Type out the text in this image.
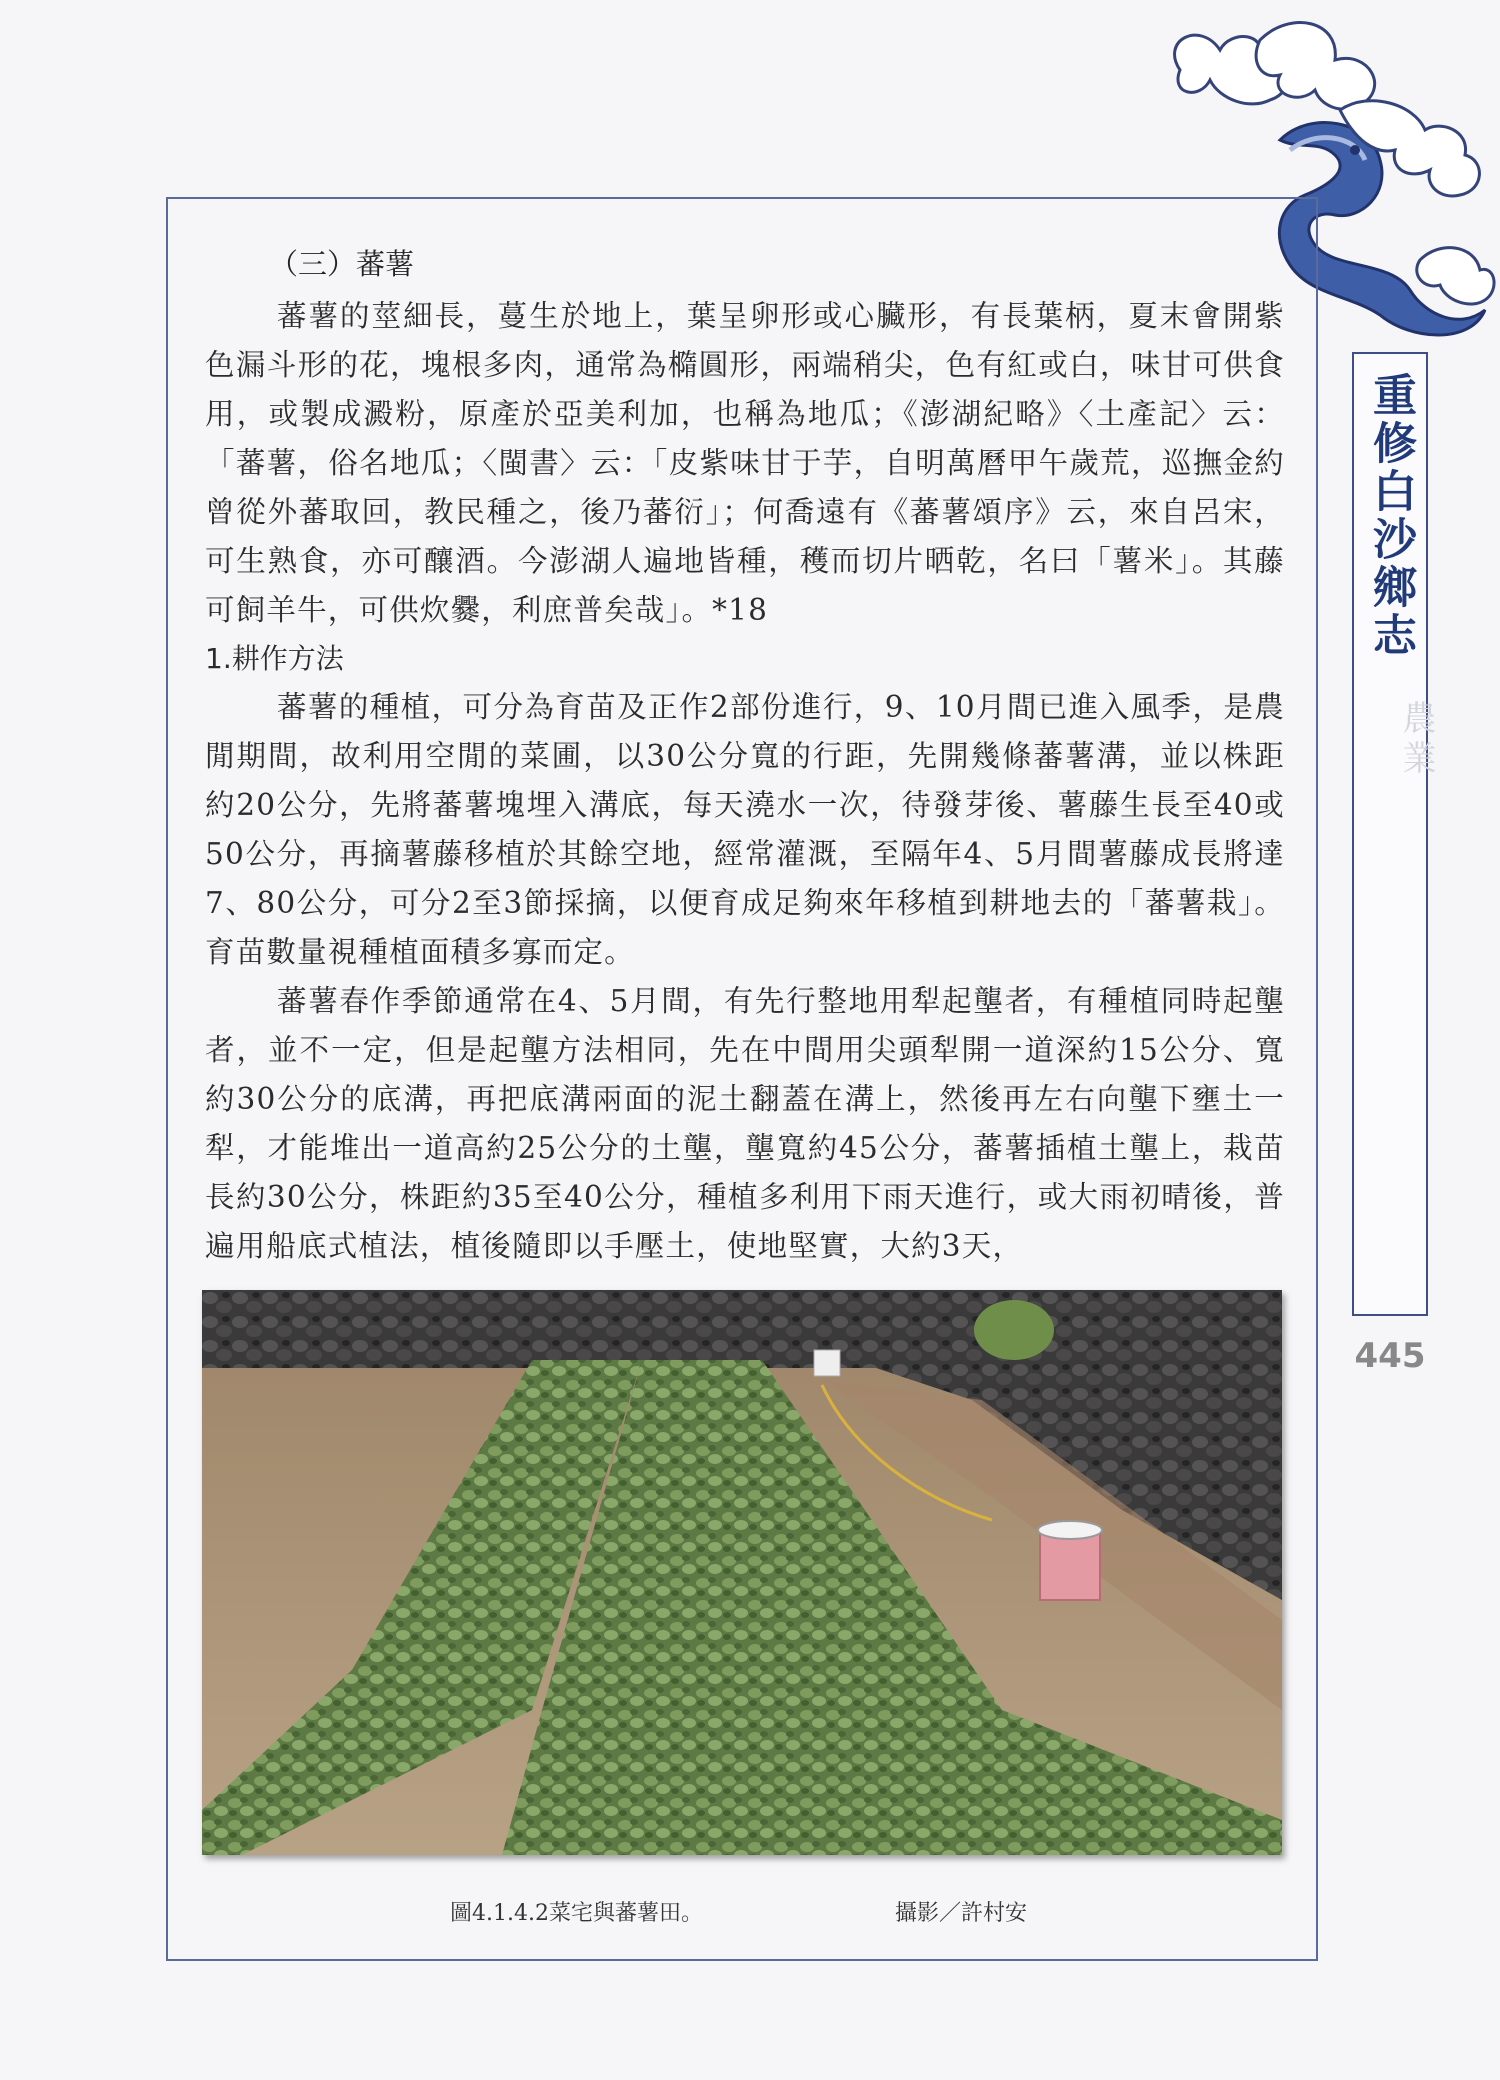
重修白沙鄉志
農業
445
（三）蕃薯

蕃薯的莖細長，蔓生於地上，葉呈卵形或心臟形，有長葉柄，夏末會開紫色漏斗形的花，塊根多肉，通常為橢圓形，兩端稍尖，色有紅或白，味甘可供食用，或製成澱粉，原產於亞美利加，也稱為地瓜；《澎湖紀略》〈土產記〉云：「蕃薯，俗名地瓜；〈閩書〉云：「皮紫味甘于芋，自明萬曆甲午歲荒，巡撫金約曾從外蕃取回，教民種之，後乃蕃衍」；何喬遠有《蕃薯頌序》云，來自呂宋，可生熟食，亦可釀酒。今澎湖人遍地皆種，穫而切片晒乾，名曰「薯米」。其藤可飼羊牛，可供炊爨，利庶普矣哉」。*18

1.耕作方法

蕃薯的種植，可分為育苗及正作2部份進行，9、10月間已進入風季，是農閒期間，故利用空閒的菜圃，以30公分寬的行距，先開幾條蕃薯溝，並以株距約20公分，先將蕃薯塊埋入溝底，每天澆水一次，待發芽後、薯藤生長至40或50公分，再摘薯藤移植於其餘空地，經常灌溉，至隔年4、5月間薯藤成長將達7、80公分，可分2至3節採摘，以便育成足夠來年移植到耕地去的「蕃薯栽」。育苗數量視種植面積多寡而定。

蕃薯春作季節通常在4、5月間，有先行整地用犁起壟者，有種植同時起壟者，並不一定，但是起壟方法相同，先在中間用尖頭犁開一道深約15公分、寬約30公分的底溝，再把底溝兩面的泥土翻蓋在溝上，然後再左右向壟下壅土一犁，才能堆出一道高約25公分的土壟，壟寬約45公分，蕃薯插植土壟上，栽苗長約30公分，株距約35至40公分，種植多利用下雨天進行，或大雨初晴後，普遍用船底式植法，植後隨即以手壓土，使地堅實，大約3天，

圖4.1.4.2菜宅與蕃薯田。	攝影／許村安
